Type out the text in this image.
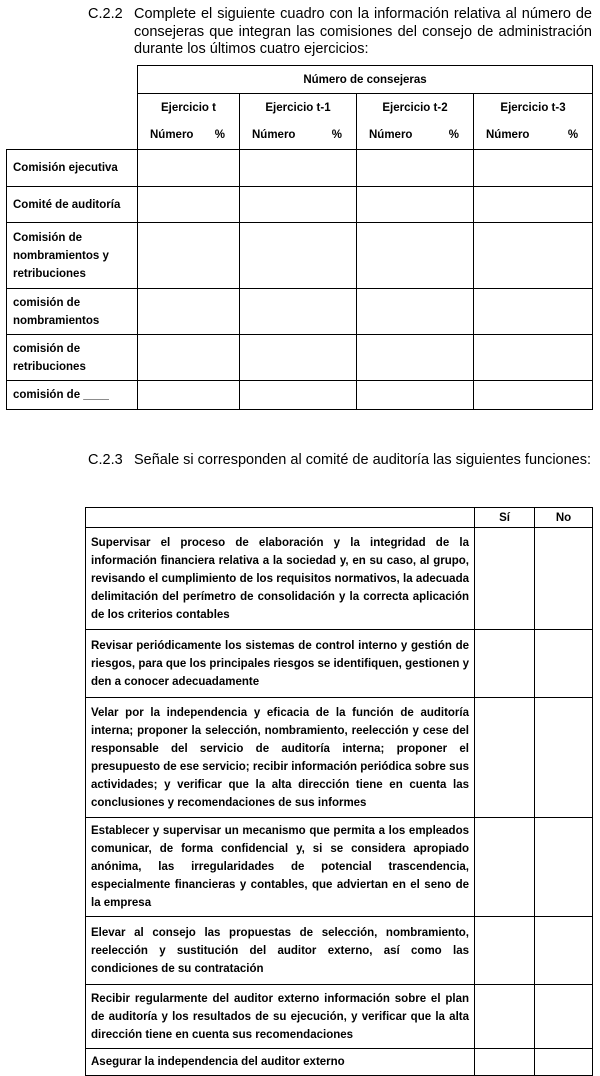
C.2.2 Complete el siguiente cuadro con la información relativa al número de consejeras que integran las comisiones del consejo de administración durante los últimos cuatro ejercicios:
	Número de consejeras			
	Ejercicio t	Ejercicio t-1	Ejercicio t-2	Ejercicio t-3

	Número %	Número %	Número %	Número %

Comisión ejecutiva				
Comité de auditoría				
Comisión de nombramientos y retribuciones				
comisión de nombramientos				
comisión de retribuciones				
comisión de ____				
C.2.3 Señale si corresponden al comité de auditoría las siguientes funciones:
	Sí	No
Supervisar el proceso de elaboración y la integridad de la información financiera relativa a la sociedad y, en su caso, al grupo, revisando el cumplimiento de los requisitos normativos, la adecuada delimitación del perímetro de consolidación y la correcta aplicación de los criterios contables		
Revisar periódicamente los sistemas de control interno y gestión de riesgos, para que los principales riesgos se identifiquen, gestionen y den a conocer adecuadamente		
Velar por la independencia y eficacia de la función de auditoría interna; proponer la selección, nombramiento, reelección y cese del responsable del servicio de auditoría interna; proponer el presupuesto de ese servicio; recibir información periódica sobre sus actividades; y verificar que la alta dirección tiene en cuenta las conclusiones y recomendaciones de sus informes		
Establecer y supervisar un mecanismo que permita a los empleados comunicar, de forma confidencial y, si se considera apropiado anónima, las irregularidades de potencial trascendencia, especialmente financieras y contables, que adviertan en el seno de la empresa		
Elevar al consejo las propuestas de selección, nombramiento, reelección y sustitución del auditor externo, así como las condiciones de su contratación		
Recibir regularmente del auditor externo información sobre el plan de auditoría y los resultados de su ejecución, y verificar que la alta dirección tiene en cuenta sus recomendaciones		
Asegurar la independencia del auditor externo		
